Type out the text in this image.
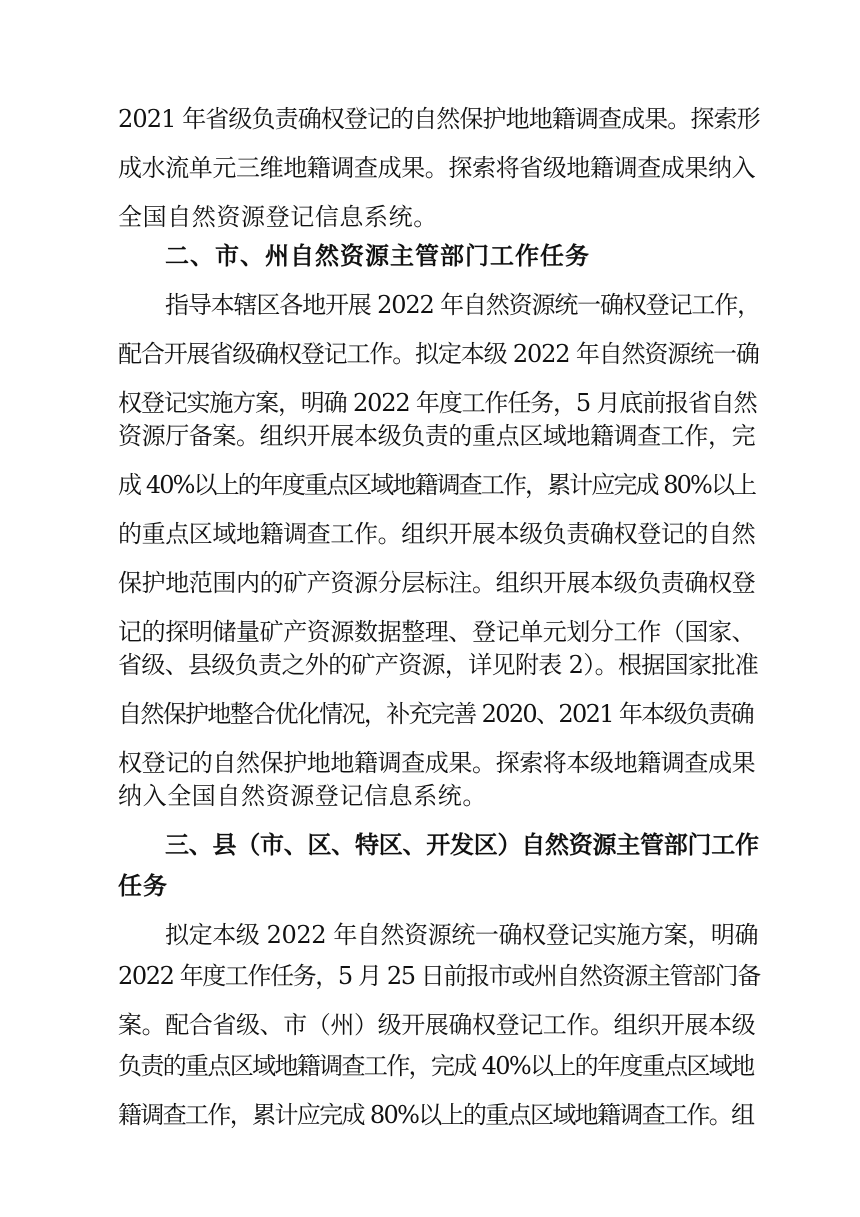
2021 年省级负责确权登记的自然保护地地籍调查成果。探索形
成水流单元三维地籍调查成果。探索将省级地籍调查成果纳入
全国自然资源登记信息系统。
二、市、州自然资源主管部门工作任务
指导本辖区各地开展 2022 年自然资源统一确权登记工作，
配合开展省级确权登记工作。拟定本级 2022 年自然资源统一确
权登记实施方案，明确 2022 年度工作任务，5 月底前报省自然
资源厅备案。组织开展本级负责的重点区域地籍调查工作，完
成 40%以上的年度重点区域地籍调查工作，累计应完成 80%以上
的重点区域地籍调查工作。组织开展本级负责确权登记的自然
保护地范围内的矿产资源分层标注。组织开展本级负责确权登
记的探明储量矿产资源数据整理、登记单元划分工作（国家、
省级、县级负责之外的矿产资源，详见附表 2）。根据国家批准
自然保护地整合优化情况，补充完善 2020、2021 年本级负责确
权登记的自然保护地地籍调查成果。探索将本级地籍调查成果
纳入全国自然资源登记信息系统。
三、县（市、区、特区、开发区）自然资源主管部门工作
任务
拟定本级 2022 年自然资源统一确权登记实施方案，明确
2022 年度工作任务，5 月 25 日前报市或州自然资源主管部门备
案。配合省级、市（州）级开展确权登记工作。组织开展本级
负责的重点区域地籍调查工作，完成 40%以上的年度重点区域地
籍调查工作，累计应完成 80%以上的重点区域地籍调查工作。组
